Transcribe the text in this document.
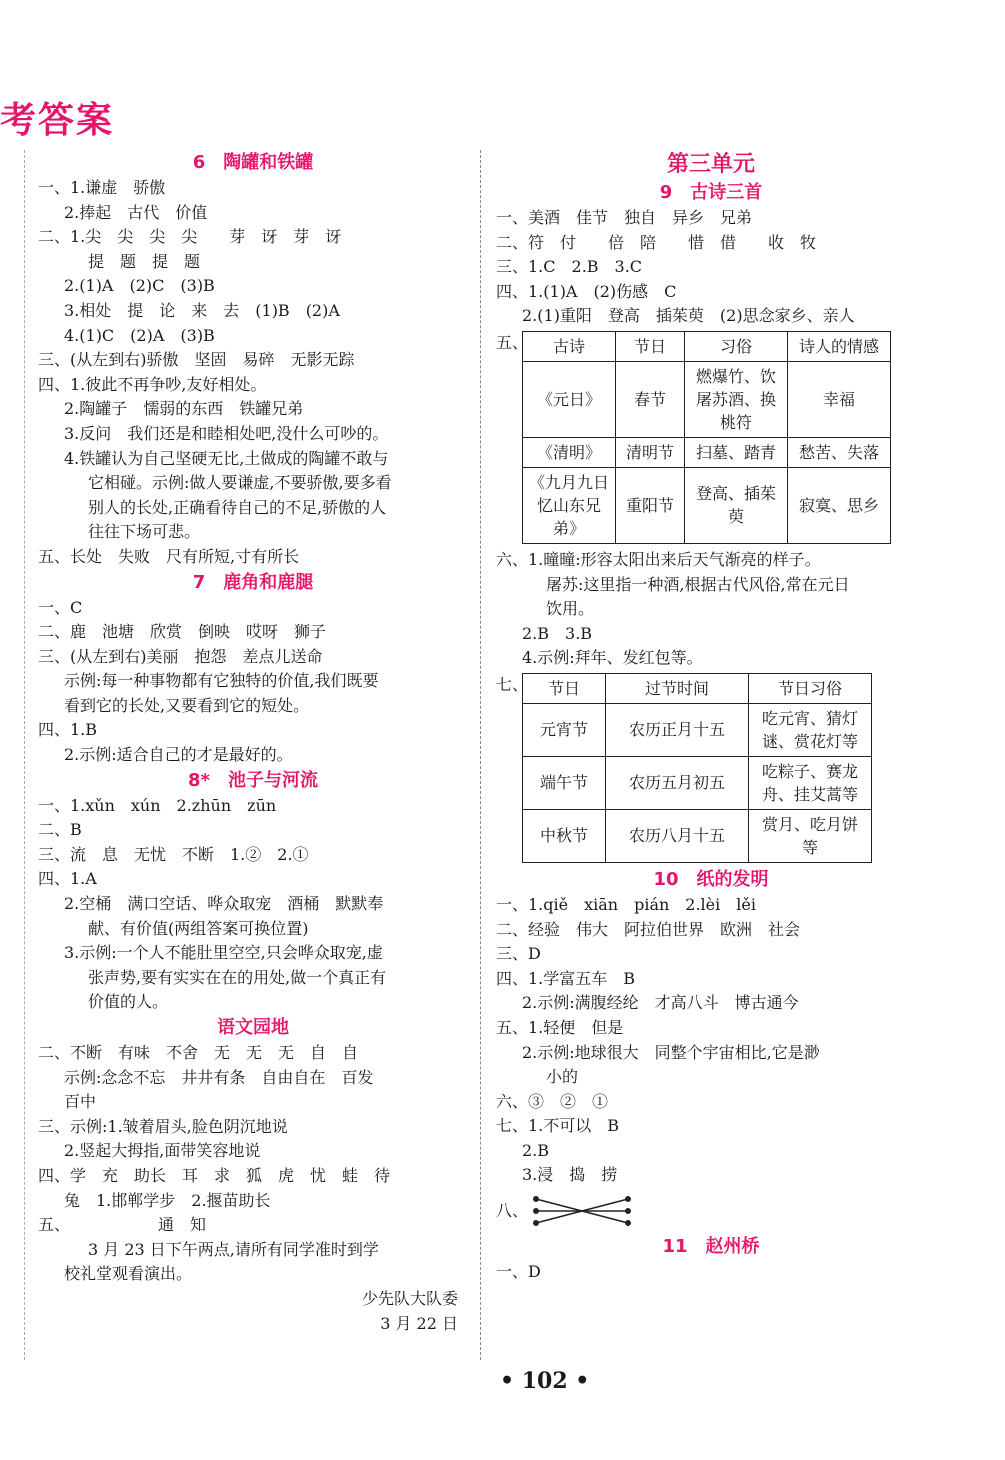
考答案
6　陶罐和铁罐
一、1.谦虚　骄傲
2.捧起　古代　价值
二、1.尖　尖　尖　尖　　芽　讶　芽　讶
提　题　提　题
2.(1)A　(2)C　(3)B
3.相处　提　论　来　去　(1)B　(2)A
4.(1)C　(2)A　(3)B
三、(从左到右)骄傲　坚固　易碎　无影无踪
四、1.彼此不再争吵,友好相处。
2.陶罐子　懦弱的东西　铁罐兄弟
3.反问　我们还是和睦相处吧,没什么可吵的。
4.铁罐认为自己坚硬无比,土做成的陶罐不敢与
它相碰。示例:做人要谦虚,不要骄傲,要多看
别人的长处,正确看待自己的不足,骄傲的人
往往下场可悲。
五、长处　失败　尺有所短,寸有所长
7　鹿角和鹿腿
一、C
二、鹿　池塘　欣赏　倒映　哎呀　狮子
三、(从左到右)美丽　抱怨　差点儿送命
示例:每一种事物都有它独特的价值,我们既要
看到它的长处,又要看到它的短处。
四、1.B
2.示例:适合自己的才是最好的。
8*　池子与河流
一、1.xǔn　xún　2.zhūn　zūn
二、B
三、流　息　无忧　不断　1.②　2.①
四、1.A
2.空桶　满口空话、哗众取宠　酒桶　默默奉
献、有价值(两组答案可换位置)
3.示例:一个人不能肚里空空,只会哗众取宠,虚
张声势,要有实实在在的用处,做一个真正有
价值的人。
语文园地
二、不断　有味　不舍　无　无　无　自　自
示例:念念不忘　井井有条　自由自在　百发
百中
三、示例:1.皱着眉头,脸色阴沉地说
2.竖起大拇指,面带笑容地说
四、学　充　助长　耳　求　狐　虎　忧　蛙　待
兔　1.邯郸学步　2.揠苗助长
五、　　　　　　通　知
3 月 23 日下午两点,请所有同学准时到学
校礼堂观看演出。
少先队大队委
3 月 22 日
第三单元
9　古诗三首
一、美酒　佳节　独自　异乡　兄弟
二、符　付　　倍　陪　　惜　借　　收　牧
三、1.C　2.B　3.C
四、1.(1)A　(2)伤感　C
2.(1)重阳　登高　插茱萸　(2)思念家乡、亲人
五、 古诗	节日	习俗	诗人的情感
《元日》	春节	燃爆竹、饮屠苏酒、换桃符	幸福
《清明》	清明节	扫墓、踏青	愁苦、失落
《九月九日忆山东兄弟》	重阳节	登高、插茱萸	寂寞、思乡
六、1.曈曈:形容太阳出来后天气渐亮的样子。
屠苏:这里指一种酒,根据古代风俗,常在元日
饮用。
2.B　3.B
4.示例:拜年、发红包等。
七、 节日	过节时间	节日习俗
元宵节	农历正月十五	吃元宵、猜灯谜、赏花灯等
端午节	农历五月初五	吃粽子、赛龙舟、挂艾蒿等
中秋节	农历八月十五	赏月、吃月饼等
10　纸的发明
一、1.qiě　xiān　pián　2.lèi　lěi
二、经验　伟大　阿拉伯世界　欧洲　社会
三、D
四、1.学富五车　B
2.示例:满腹经纶　才高八斗　博古通今
五、1.轻便　但是
2.示例:地球很大　同整个宇宙相比,它是渺
小的
六、③　②　①
七、1.不可以　B
2.B
3.浸　捣　捞
八、
11　赵州桥
一、D
• 102 •
